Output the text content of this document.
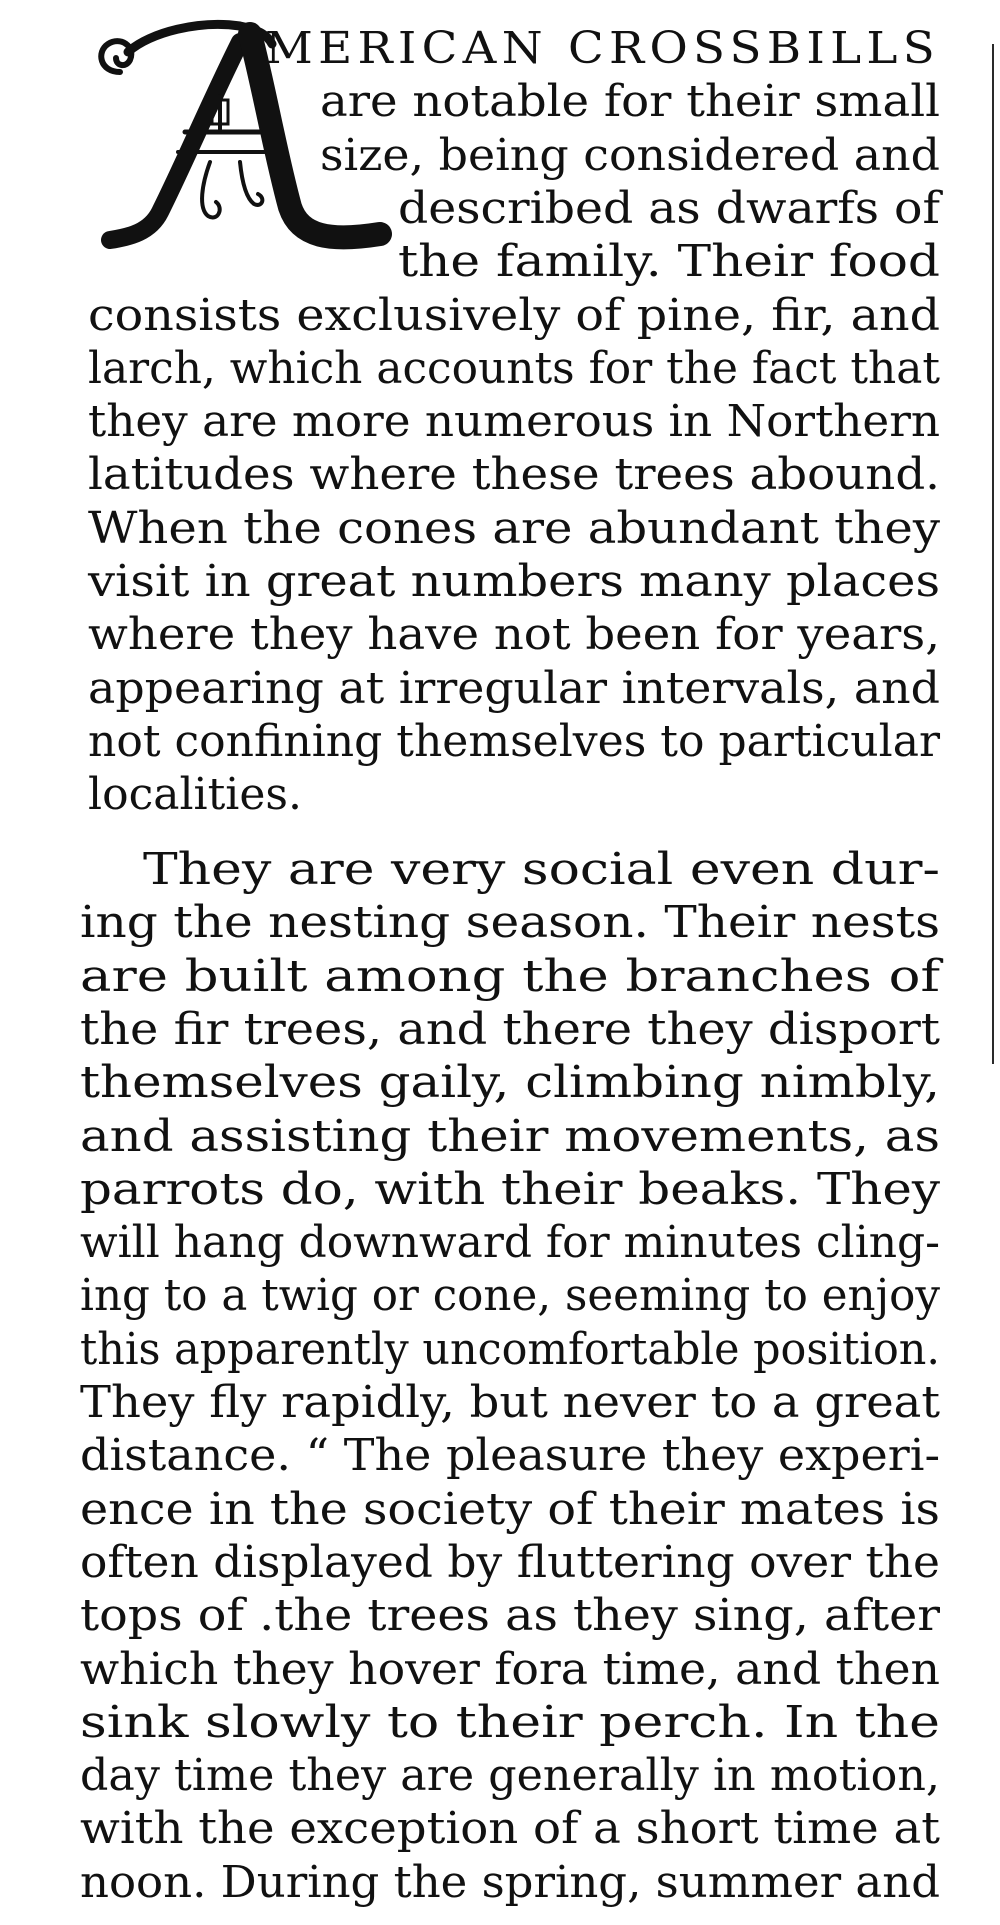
MERICAN CROSSBILLS
are notable for their small
size, being considered and
described as dwarfs of
the family. Their food
consists exclusively of pine, fir, and
larch, which accounts for the fact that
they are more numerous in Northern
latitudes where these trees abound.
When the cones are abundant they
visit in great numbers many places
where they have not been for years,
appearing at irregular intervals, and
not confining themselves to particular
localities.
They are very social even dur-
ing the nesting season. Their nests
are built among the branches of
the fir trees, and there they disport
themselves gaily, climbing nimbly,
and assisting their movements, as
parrots do, with their beaks. They
will hang downward for minutes cling-
ing to a twig or cone, seeming to enjoy
this apparently uncomfortable position.
They fly rapidly, but never to a great
distance. “ The pleasure they experi-
ence in the society of their mates is
often displayed by fluttering over the
tops of .the trees as they sing, after
which they hover fora time, and then
sink slowly to their perch. In the
day time they are generally in motion,
with the exception of a short time at
noon. During the spring, summer and
